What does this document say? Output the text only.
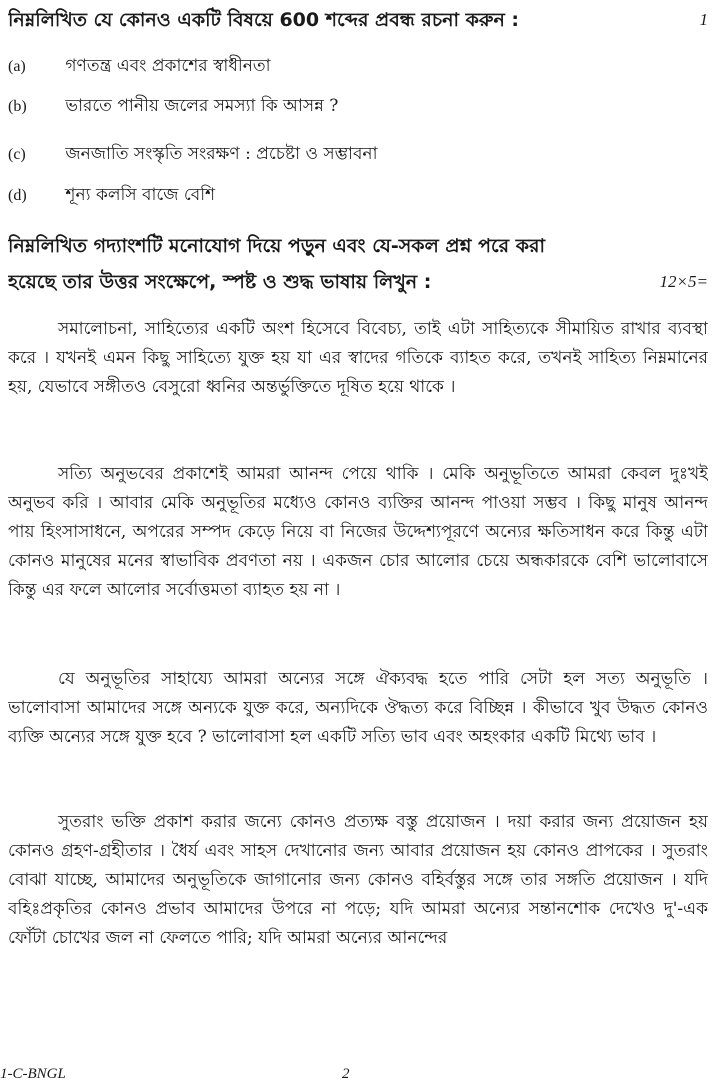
নিম্নলিখিত যে কোনও একটি বিষয়ে 600 শব্দের প্রবন্ধ রচনা করুন :	1
(a) গণতন্ত্র এবং প্রকাশের স্বাধীনতা
(b) ভারতে পানীয় জলের সমস্যা কি আসন্ন ?
(c) জনজাতি সংস্কৃতি সংরক্ষণ : প্রচেষ্টা ও সম্ভাবনা
(d) শূন্য কলসি বাজে বেশি
নিম্নলিখিত গদ্যাংশটি মনোযোগ দিয়ে পড়ুন এবং যে-সকল প্রশ্ন পরে করা
হয়েছে তার উত্তর সংক্ষেপে, স্পষ্ট ও শুদ্ধ ভাষায় লিখুন :	12×5=

সমালোচনা, সাহিত্যের একটি অংশ হিসেবে বিবেচ্য, তাই এটা সাহিত্যকে সীমায়িত রাখার ব্যবস্থা করে । যখনই এমন কিছু সাহিত্যে যুক্ত হয় যা এর স্বাদের গতিকে ব্যাহত করে, তখনই সাহিত্য নিম্নমানের হয়, যেভাবে সঙ্গীতও বেসুরো ধ্বনির অন্তর্ভুক্তিতে দূষিত হয়ে থাকে ।

সত্যি অনুভবের প্রকাশেই আমরা আনন্দ পেয়ে থাকি । মেকি অনুভূতিতে আমরা কেবল দুঃখই অনুভব করি । আবার মেকি অনুভূতির মধ্যেও কোনও ব্যক্তির আনন্দ পাওয়া সম্ভব । কিছু মানুষ আনন্দ পায় হিংসাসাধনে, অপরের সম্পদ কেড়ে নিয়ে বা নিজের উদ্দেশ্যপূরণে অন্যের ক্ষতিসাধন করে কিন্তু এটা কোনও মানুষের মনের স্বাভাবিক প্রবণতা নয় । একজন চোর আলোর চেয়ে অন্ধকারকে বেশি ভালোবাসে কিন্তু এর ফলে আলোর সর্বোত্তমতা ব্যাহত হয় না ।

যে অনুভূতির সাহায্যে আমরা অন্যের সঙ্গে ঐক্যবদ্ধ হতে পারি সেটা হল সত্য অনুভূতি । ভালোবাসা আমাদের সঙ্গে অন্যকে যুক্ত করে, অন্যদিকে ঔদ্ধত্য করে বিচ্ছিন্ন । কীভাবে খুব উদ্ধত কোনও ব্যক্তি অন্যের সঙ্গে যুক্ত হবে ? ভালোবাসা হল একটি সত্যি ভাব এবং অহংকার একটি মিথ্যে ভাব ।

সুতরাং ভক্তি প্রকাশ করার জন্যে কোনও প্রত্যক্ষ বস্তু প্রয়োজন । দয়া করার জন্য প্রয়োজন হয় কোনও গ্রহণ-গ্রহীতার । ধৈর্য এবং সাহস দেখানোর জন্য আবার প্রয়োজন হয় কোনও প্রাপকের । সুতরাং বোঝা যাচ্ছে, আমাদের অনুভূতিকে জাগানোর জন্য কোনও বহির্বস্তুর সঙ্গে তার সঙ্গতি প্রয়োজন । যদি বহিঃপ্রকৃতির কোনও প্রভাব আমাদের উপরে না পড়ে; যদি আমরা অন্যের সন্তানশোক দেখেও দু'-এক ফোঁটা চোখের জল না ফেলতে পারি; যদি আমরা অন্যের আনন্দের

1-C-BNGL	2
